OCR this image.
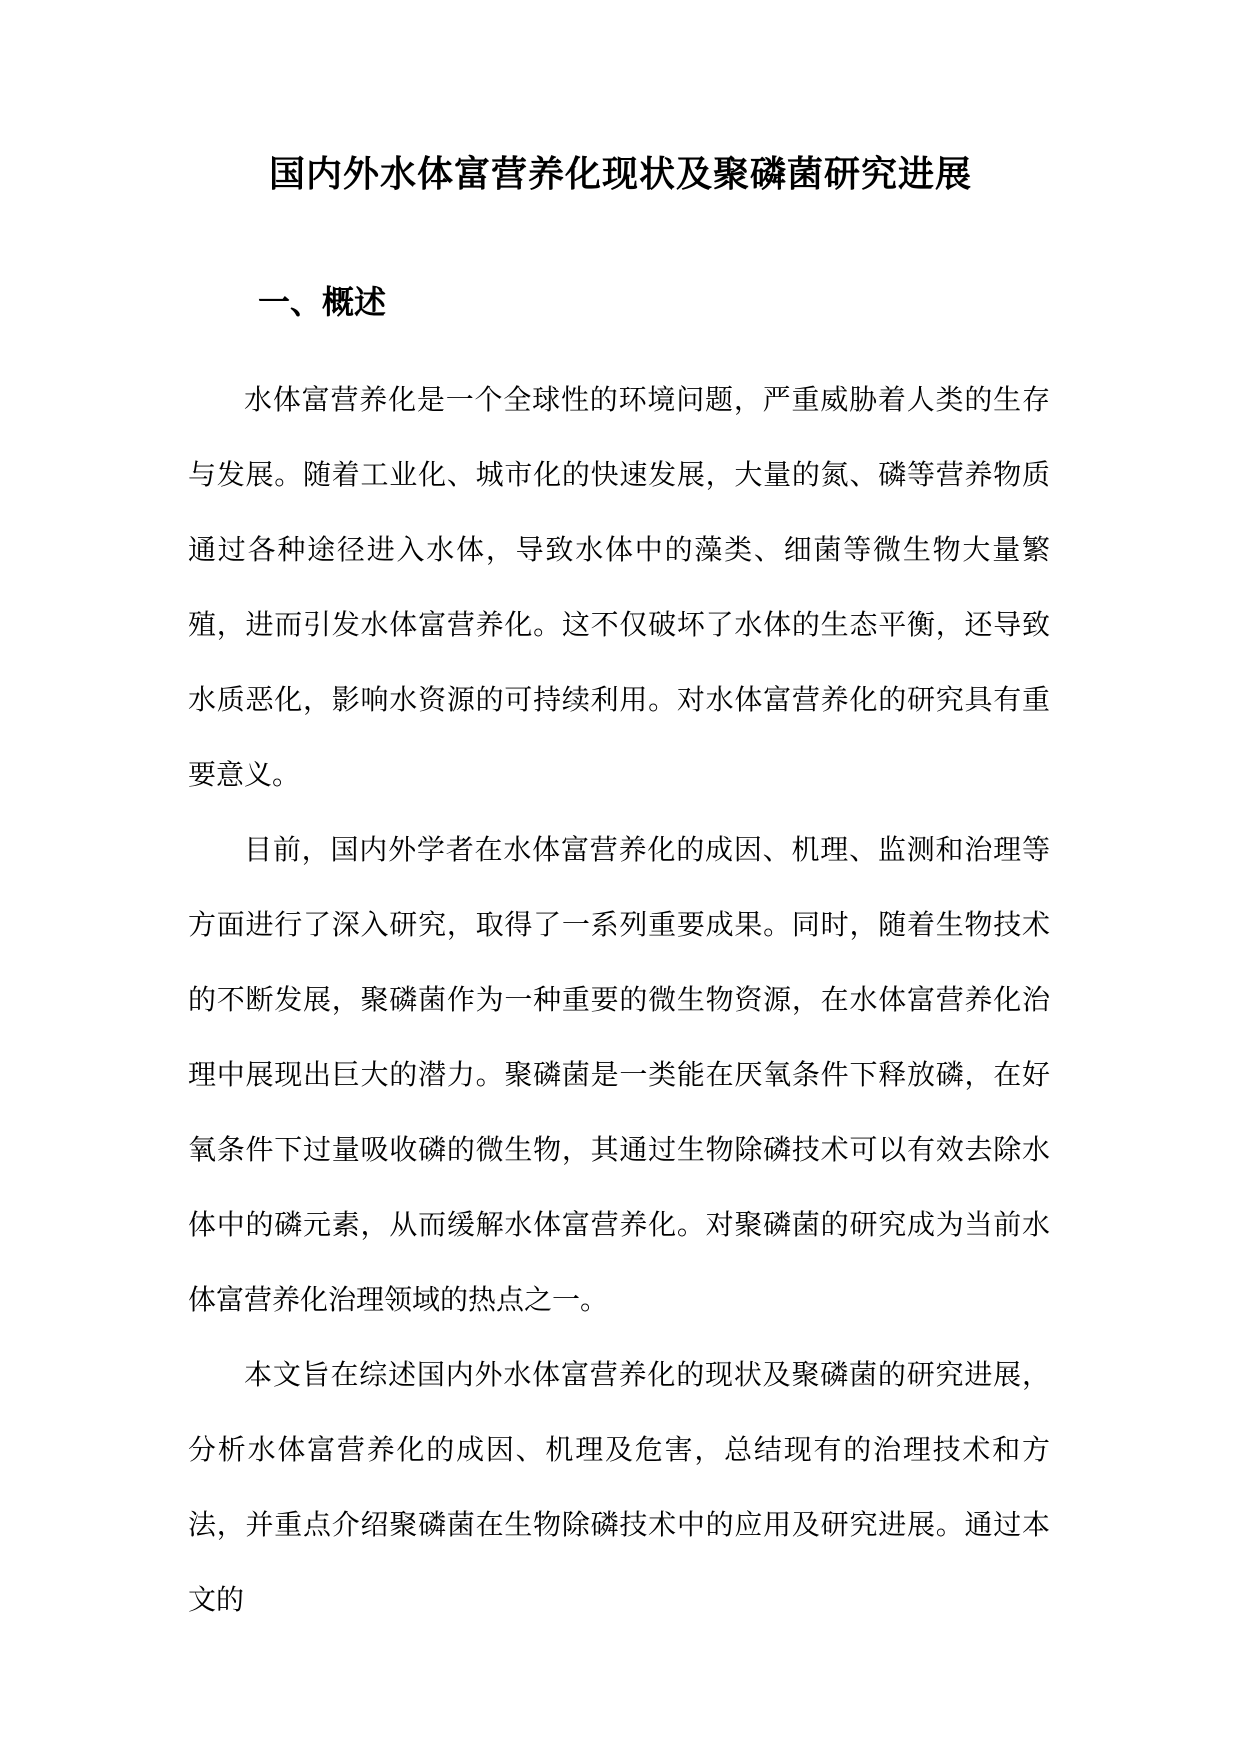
国内外水体富营养化现状及聚磷菌研究进展
一、概述

水体富营养化是一个全球性的环境问题，严重威胁着人类的生存与发展。随着工业化、城市化的快速发展，大量的氮、磷等营养物质通过各种途径进入水体，导致水体中的藻类、细菌等微生物大量繁殖，进而引发水体富营养化。这不仅破坏了水体的生态平衡，还导致水质恶化，影响水资源的可持续利用。对水体富营养化的研究具有重要意义。

目前，国内外学者在水体富营养化的成因、机理、监测和治理等方面进行了深入研究，取得了一系列重要成果。同时，随着生物技术的不断发展，聚磷菌作为一种重要的微生物资源，在水体富营养化治理中展现出巨大的潜力。聚磷菌是一类能在厌氧条件下释放磷，在好氧条件下过量吸收磷的微生物，其通过生物除磷技术可以有效去除水体中的磷元素，从而缓解水体富营养化。对聚磷菌的研究成为当前水体富营养化治理领域的热点之一。

本文旨在综述国内外水体富营养化的现状及聚磷菌的研究进展，分析水体富营养化的成因、机理及危害，总结现有的治理技术和方法，并重点介绍聚磷菌在生物除磷技术中的应用及研究进展。通过本文的
